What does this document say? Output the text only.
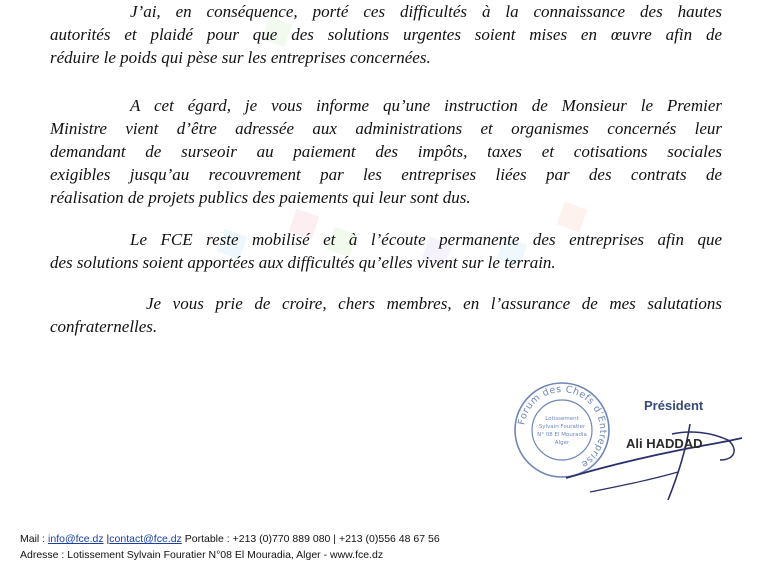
J’ai, en conséquence, porté ces difficultés à la connaissance des hautes
autorités et plaidé pour que des solutions urgentes soient mises en œuvre afin de
réduire le poids qui pèse sur les entreprises concernées.
A cet égard, je vous informe qu’une instruction de Monsieur le Premier
Ministre vient d’être adressée aux administrations et organismes concernés leur
demandant de surseoir au paiement des impôts, taxes et cotisations sociales
exigibles jusqu’au recouvrement par les entreprises liées par des contrats de
réalisation de projets publics des paiements qui leur sont dus.
Le FCE reste mobilisé et à l’écoute permanente des entreprises afin que
des solutions soient apportées aux difficultés qu’elles vivent sur le terrain.
Je vous prie de croire, chers membres, en l’assurance de mes salutations
confraternelles.
Forum des Chefs d’Entreprise
Lotissement
Sylvain Fouratier
N° 08 El Mouradia
Alger
Président
Ali HADDAD
Mail : info@fce.dz |contact@fce.dz Portable : +213 (0)770 889 080 | +213 (0)556 48 67 56
Adresse : Lotissement Sylvain Fouratier N°08 El Mouradia, Alger - www.fce.dz
